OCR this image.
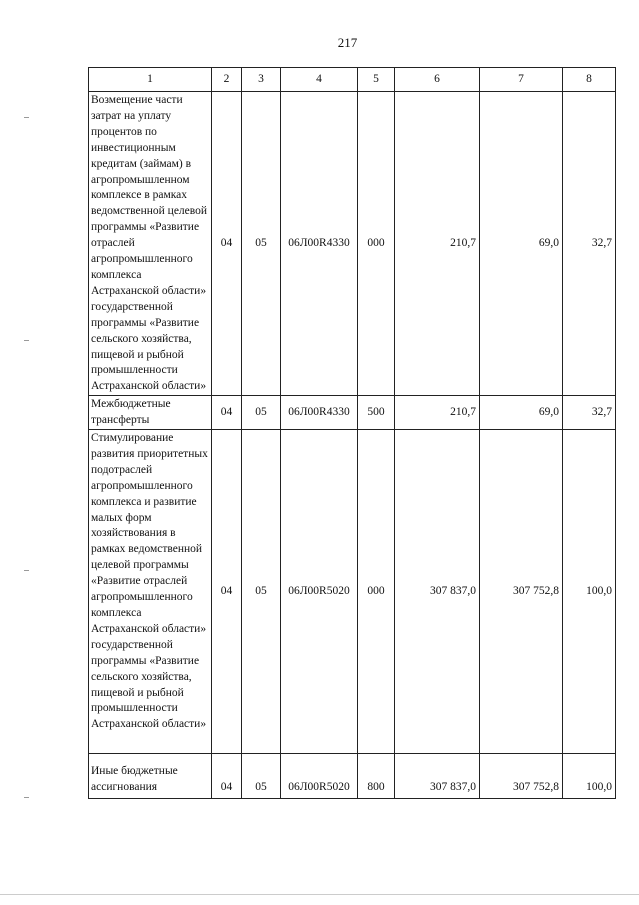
217
1	2	3	4	5	6	7	8
Возмещение части затрат на уплату процентов по инвестиционным кредитам (займам) в агропромышленном комплексе в рамках ведомственной целевой программы «Развитие отраслей агропромышленного комплекса Астраханской области» государственной программы «Развитие сельского хозяйства, пищевой и рыбной промышленности Астраханской области»	04	05	06Л00R4330	000	210,7	69,0	32,7
Межбюджетные трансферты	04	05	06Л00R4330	500	210,7	69,0	32,7
Стимулирование развития приоритетных подотраслей агропромышленного комплекса и развитие малых форм хозяйствования в рамках ведомственной целевой программы «Развитие отраслей агропромышленного комплекса Астраханской области» государственной программы «Развитие сельского хозяйства, пищевой и рыбной промышленности Астраханской области»	04	05	06Л00R5020	000	307 837,0	307 752,8	100,0
Иные бюджетные ассигнования	04	05	06Л00R5020	800	307 837,0	307 752,8	100,0
